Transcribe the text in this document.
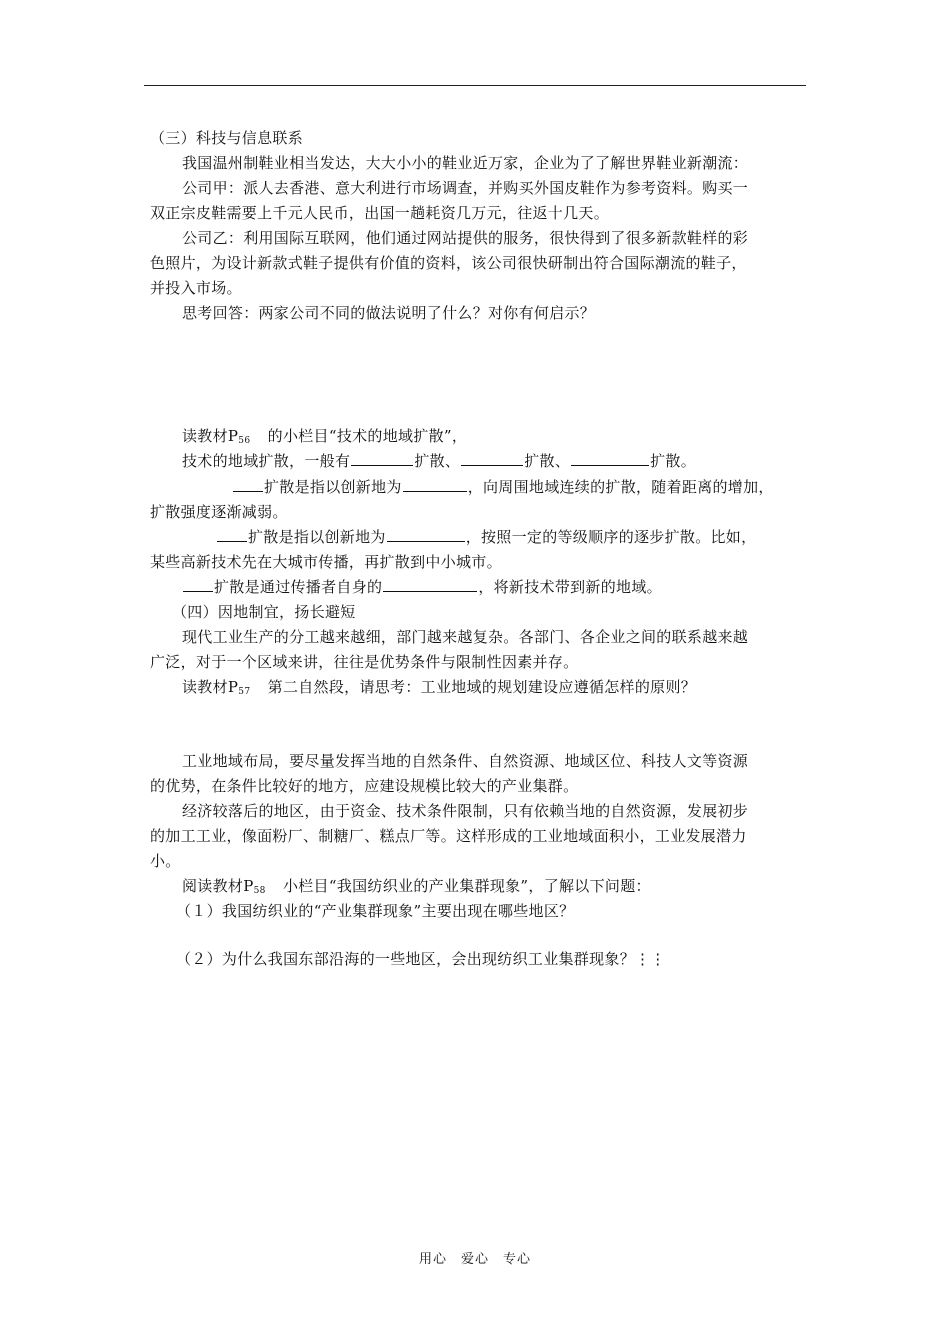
（三）科技与信息联系
我国温州制鞋业相当发达，大大小小的鞋业近万家，企业为了了解世界鞋业新潮流：
公司甲：派人去香港、意大利进行市场调查，并购买外国皮鞋作为参考资料。购买一
双正宗皮鞋需要上千元人民币，出国一趟耗资几万元，往返十几天。
公司乙：利用国际互联网，他们通过网站提供的服务，很快得到了很多新款鞋样的彩
色照片，为设计新款式鞋子提供有价值的资料，该公司很快研制出符合国际潮流的鞋子，
并投入市场。
思考回答：两家公司不同的做法说明了什么？对你有何启示？
读教材$P_{56}$　的小栏目“技术的地域扩散”，
技术的地域扩散，一般有	扩散、	扩散、	扩散。
扩散是指以创新地为	，向周围地域连续的扩散，随着距离的增加，
扩散强度逐渐减弱。
扩散是指以创新地为	，按照一定的等级顺序的逐步扩散。比如，
某些高新技术先在大城市传播，再扩散到中小城市。
扩散是通过传播者自身的	，将新技术带到新的地域。
（四）因地制宜，扬长避短
现代工业生产的分工越来越细，部门越来越复杂。各部门、各企业之间的联系越来越
广泛，对于一个区域来讲，往往是优势条件与限制性因素并存。
读教材$P_{57}$　第二自然段，请思考：工业地域的规划建设应遵循怎样的原则？
工业地域布局，要尽量发挥当地的自然条件、自然资源、地域区位、科技人文等资源
的优势，在条件比较好的地方，应建设规模比较大的产业集群。
经济较落后的地区，由于资金、技术条件限制，只有依赖当地的自然资源，发展初步
的加工工业，像面粉厂、制糖厂、糕点厂等。这样形成的工业地域面积小，工业发展潜力
小。
阅读教材$P_{58}$　小栏目“我国纺织业的产业集群现象”，了解以下问题：
（１）我国纺织业的“产业集群现象”主要出现在哪些地区？
（２）为什么我国东部沿海的一些地区，会出现纺织工业集群现象？⋮⋮
用心　爱心　专心
